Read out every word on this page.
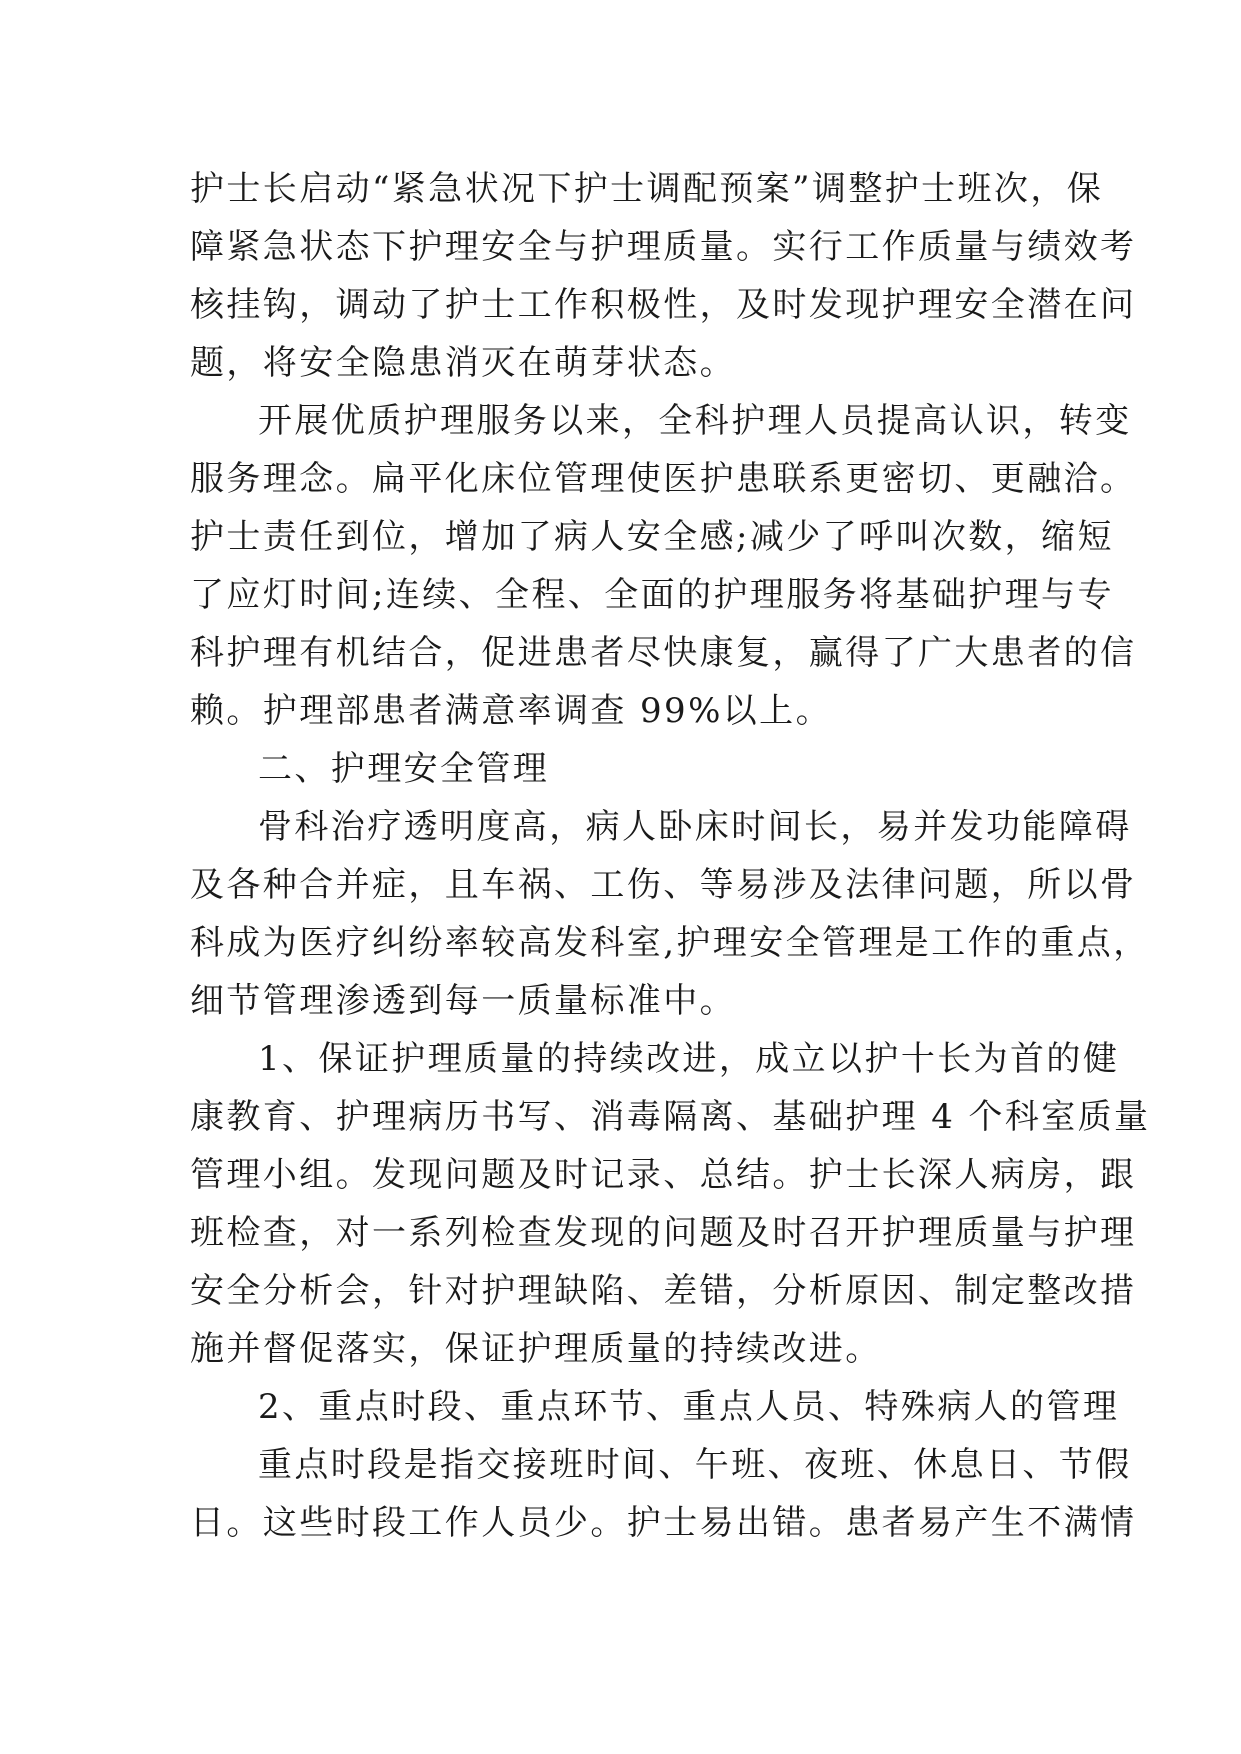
护士长启动“紧急状况下护士调配预案”调整护士班次，保
障紧急状态下护理安全与护理质量。实行工作质量与绩效考
核挂钩，调动了护士工作积极性，及时发现护理安全潜在问
题，将安全隐患消灭在萌芽状态。
开展优质护理服务以来，全科护理人员提高认识，转变
服务理念。扁平化床位管理使医护患联系更密切、更融洽。
护士责任到位，增加了病人安全感;减少了呼叫次数，缩短
了应灯时间;连续、全程、全面的护理服务将基础护理与专
科护理有机结合，促进患者尽快康复，赢得了广大患者的信
赖。护理部患者满意率调查 99%以上。
二、护理安全管理
骨科治疗透明度高，病人卧床时间长，易并发功能障碍
及各种合并症，且车祸、工伤、等易涉及法律问题，所以骨
科成为医疗纠纷率较高发科室,护理安全管理是工作的重点，
细节管理渗透到每一质量标准中。
1、保证护理质量的持续改进，成立以护十长为首的健
康教育、护理病历书写、消毒隔离、基础护理 4 个科室质量
管理小组。发现问题及时记录、总结。护士长深人病房，跟
班检查，对一系列检查发现的问题及时召开护理质量与护理
安全分析会，针对护理缺陷、差错，分析原因、制定整改措
施并督促落实，保证护理质量的持续改进。
2、重点时段、重点环节、重点人员、特殊病人的管理
重点时段是指交接班时间、午班、夜班、休息日、节假
日。这些时段工作人员少。护士易出错。患者易产生不满情
